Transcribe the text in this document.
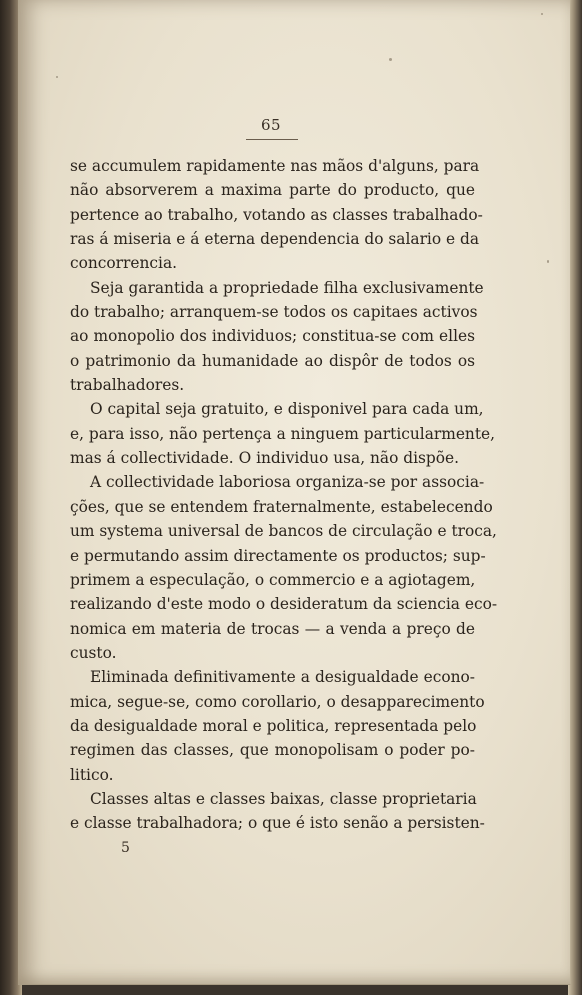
65
se accumulem rapidamente nas mãos d'alguns, para
não absorverem a maxima parte do producto, que
pertence ao trabalho, votando as classes trabalhado-
ras á miseria e á eterna dependencia do salario e da
concorrencia.
Seja garantida a propriedade filha exclusivamente
do trabalho; arranquem-se todos os capitaes activos
ao monopolio dos individuos; constitua-se com elles
o patrimonio da humanidade ao dispôr de todos os
trabalhadores.
O capital seja gratuito, e disponivel para cada um,
e, para isso, não pertença a ninguem particularmente,
mas á collectividade. O individuo usa, não dispõe.
A collectividade laboriosa organiza-se por associa-
ções, que se entendem fraternalmente, estabelecendo
um systema universal de bancos de circulação e troca,
e permutando assim directamente os productos; sup-
primem a especulação, o commercio e a agiotagem,
realizando d'este modo o desideratum da sciencia eco-
nomica em materia de trocas — a venda a preço de
custo.
Eliminada definitivamente a desigualdade econo-
mica, segue-se, como corollario, o desapparecimento
da desigualdade moral e politica, representada pelo
regimen das classes, que monopolisam o poder po-
litico.
Classes altas e classes baixas, classe proprietaria
e classe trabalhadora; o que é isto senão a persisten-
5
